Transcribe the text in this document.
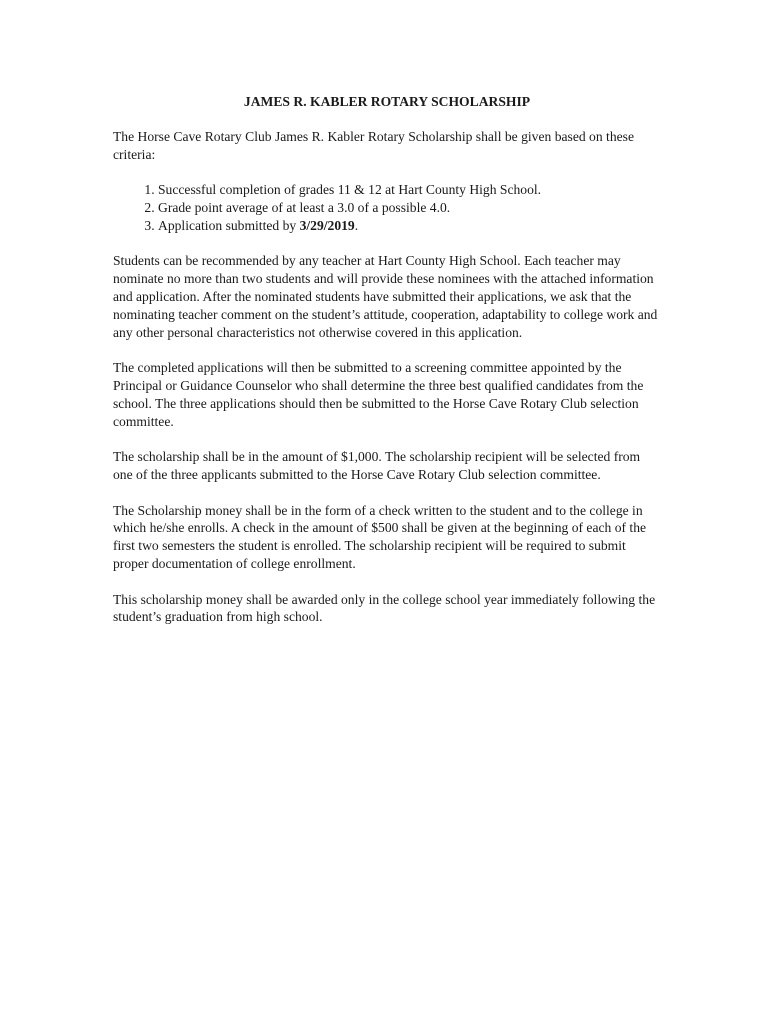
JAMES R. KABLER ROTARY SCHOLARSHIP

The Horse Cave Rotary Club James R. Kabler Rotary Scholarship shall be given based on these criteria:

1. Successful completion of grades 11 & 12 at Hart County High School.
2. Grade point average of at least a 3.0 of a possible 4.0.
3. Application submitted by 3/29/2019.

Students can be recommended by any teacher at Hart County High School. Each teacher may nominate no more than two students and will provide these nominees with the attached information and application. After the nominated students have submitted their applications, we ask that the nominating teacher comment on the student’s attitude, cooperation, adaptability to college work and any other personal characteristics not otherwise covered in this application.

The completed applications will then be submitted to a screening committee appointed by the Principal or Guidance Counselor who shall determine the three best qualified candidates from the school. The three applications should then be submitted to the Horse Cave Rotary Club selection committee.

The scholarship shall be in the amount of $1,000. The scholarship recipient will be selected from one of the three applicants submitted to the Horse Cave Rotary Club selection committee.

The Scholarship money shall be in the form of a check written to the student and to the college in which he/she enrolls. A check in the amount of $500 shall be given at the beginning of each of the first two semesters the student is enrolled. The scholarship recipient will be required to submit proper documentation of college enrollment.

This scholarship money shall be awarded only in the college school year immediately following the student’s graduation from high school.
